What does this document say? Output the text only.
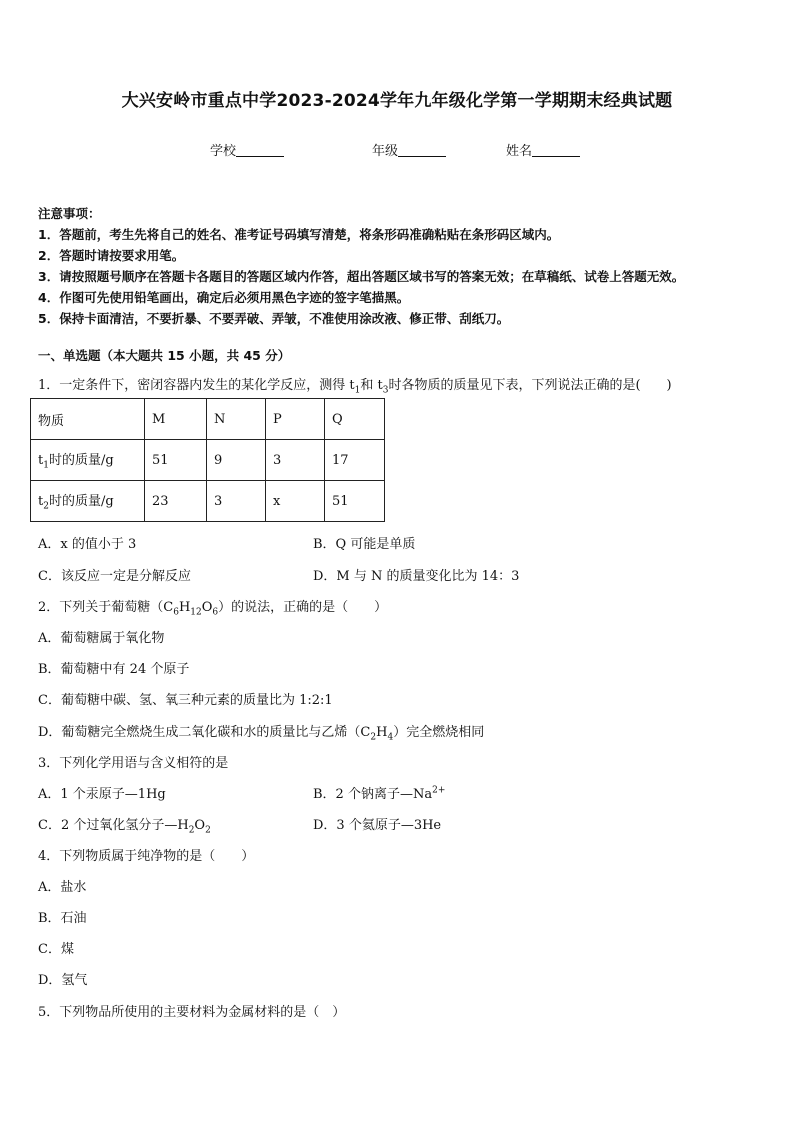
大兴安岭市重点中学2023-2024学年九年级化学第一学期期末经典试题
学校	年级	姓名
注意事项：
1．答题前，考生先将自己的姓名、准考证号码填写清楚，将条形码准确粘贴在条形码区域内。
2．答题时请按要求用笔。
3．请按照题号顺序在答题卡各题目的答题区域内作答，超出答题区域书写的答案无效；在草稿纸、试卷上答题无效。
4．作图可先使用铅笔画出，确定后必须用黑色字迹的签字笔描黑。
5．保持卡面清洁，不要折暴、不要弄破、弄皱，不准使用涂改液、修正带、刮纸刀。
一、单选题（本大题共 15 小题，共 45 分）
1．一定条件下，密闭容器内发生的某化学反应，测得 $t_1$和 $t_3$时各物质的质量见下表，下列说法正确的是(　　)
物质	M	N	P	Q
$t_1$时的质量/g	51	9	3	17
$t_2$时的质量/g	23	3	x	51
A．x 的值小于 3	B．Q 可能是单质
C．该反应一定是分解反应	D．M 与 N 的质量变化比为 14：3
2．下列关于葡萄糖$(C_6H_{12}O_6)$的说法，正确的是（　　）
A．葡萄糖属于氧化物
B．葡萄糖中有 24 个原子
C．葡萄糖中碳、氢、氧三种元素的质量比为 1:2:1
D．葡萄糖完全燃烧生成二氧化碳和水的质量比与乙烯$(C_2H_4)$完全燃烧相同
3．下列化学用语与含义相符的是
A．1 个汞原子—1Hg	B．2 个钠离子$—Na^{2+}$
C．2 个过氧化氢分子$—H_2O_2$	D．3 个氦原子—3He
4．下列物质属于纯净物的是（　　）
A．盐水
B．石油
C．煤
D．氢气
5．下列物品所使用的主要材料为金属材料的是（　）
